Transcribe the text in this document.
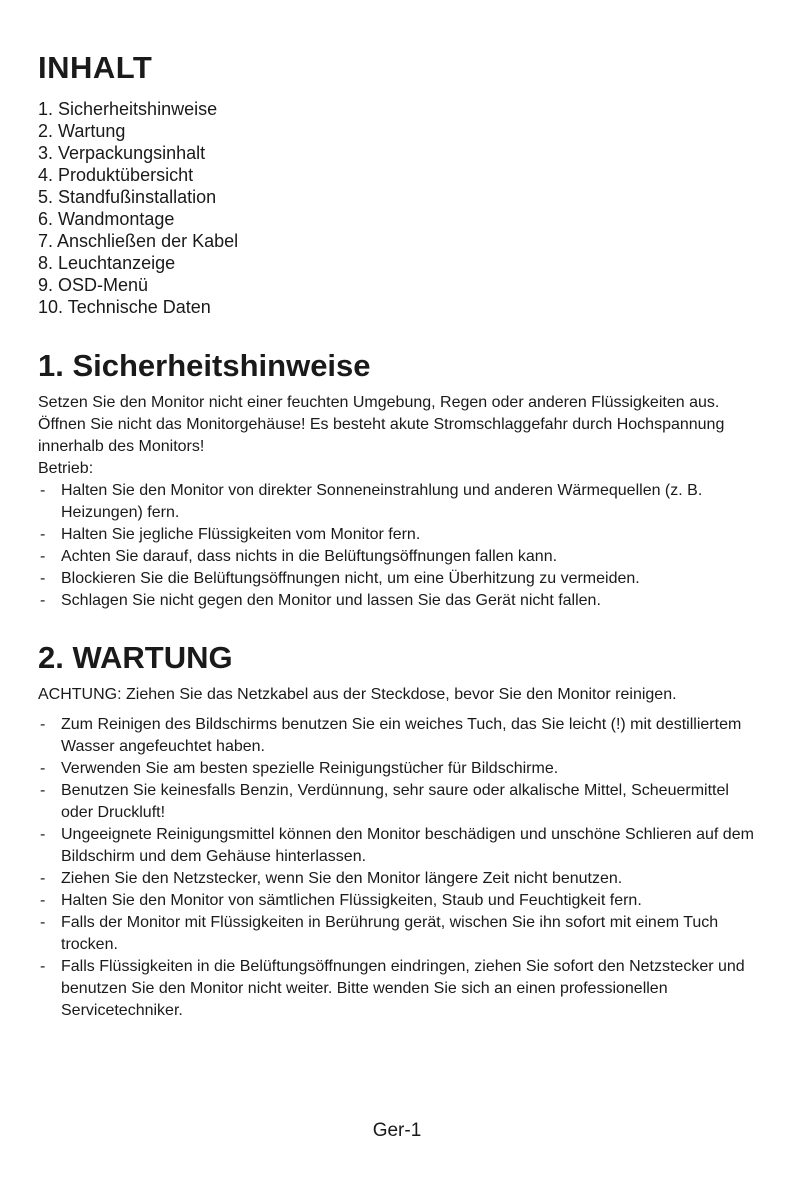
INHALT
1. Sicherheitshinweise
2. Wartung
3. Verpackungsinhalt
4. Produktübersicht
5. Standfußinstallation
6. Wandmontage
7. Anschließen der Kabel
8. Leuchtanzeige
9. OSD-Menü
10. Technische Daten
1. Sicherheitshinweise

Setzen Sie den Monitor nicht einer feuchten Umgebung, Regen oder anderen Flüssigkeiten aus.

Öffnen Sie nicht das Monitorgehäuse! Es besteht akute Stromschlaggefahr durch Hochspannung innerhalb des Monitors!

Betrieb:

- Halten Sie den Monitor von direkter Sonneneinstrahlung und anderen Wärmequellen (z. B. Heizungen) fern.
- Halten Sie jegliche Flüssigkeiten vom Monitor fern.
- Achten Sie darauf, dass nichts in die Belüftungsöffnungen fallen kann.
- Blockieren Sie die Belüftungsöffnungen nicht, um eine Überhitzung zu vermeiden.
- Schlagen Sie nicht gegen den Monitor und lassen Sie das Gerät nicht fallen.
2. WARTUNG

ACHTUNG: Ziehen Sie das Netzkabel aus der Steckdose, bevor Sie den Monitor reinigen.

- Zum Reinigen des Bildschirms benutzen Sie ein weiches Tuch, das Sie leicht (!) mit destilliertem Wasser angefeuchtet haben.
- Verwenden Sie am besten spezielle Reinigungstücher für Bildschirme.
- Benutzen Sie keinesfalls Benzin, Verdünnung, sehr saure oder alkalische Mittel, Scheuermittel oder Druckluft!
- Ungeeignete Reinigungsmittel können den Monitor beschädigen und unschöne Schlieren auf dem Bildschirm und dem Gehäuse hinterlassen.
- Ziehen Sie den Netzstecker, wenn Sie den Monitor längere Zeit nicht benutzen.
- Halten Sie den Monitor von sämtlichen Flüssigkeiten, Staub und Feuchtigkeit fern.
- Falls der Monitor mit Flüssigkeiten in Berührung gerät, wischen Sie ihn sofort mit einem Tuch trocken.
- Falls Flüssigkeiten in die Belüftungsöffnungen eindringen, ziehen Sie sofort den Netzstecker und benutzen Sie den Monitor nicht weiter. Bitte wenden Sie sich an einen professionellen Servicetechniker.
Ger-1
